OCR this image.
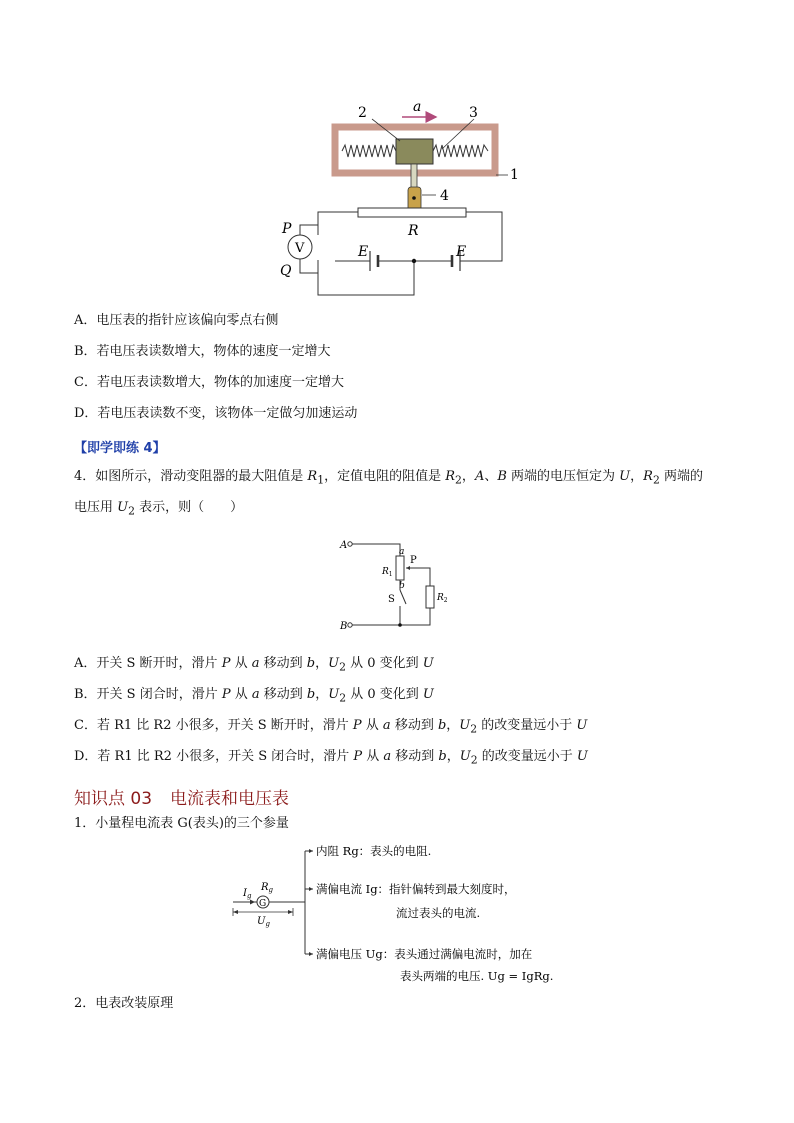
a
2	3
1
4
R
E	E
V
P
Q
A．电压表的指针应该偏向零点右侧
B．若电压表读数增大，物体的速度一定增大
C．若电压表读数增大，物体的加速度一定增大
D．若电压表读数不变，该物体一定做匀加速运动
【即学即练 4】
4．如图所示，滑动变阻器的最大阻值是 $R_1$，定值电阻的阻值是 $R_2$，A、B 两端的电压恒定为 U，$R_2$ 两端的
电压用 $U_2$ 表示，则（　　）
A
a
b
P
$R_1$
$R_2$
S
B
A．开关 S 断开时，滑片 P 从 a 移动到 b，$U_2$ 从 0 变化到 U
B．开关 S 闭合时，滑片 P 从 a 移动到 b，$U_2$ 从 0 变化到 U
C．若 R1 比 R2 小很多，开关 S 断开时，滑片 P 从 a 移动到 b，$U_2$ 的改变量远小于 U
D．若 R1 比 R2 小很多，开关 S 闭合时，滑片 P 从 a 移动到 b，$U_2$ 的改变量远小于 U
知识点 03 电流表和电压表
1．小量程电流表 G(表头)的三个参量
G
$I_g$
$R_g$
$U_g$
内阻 Rg：表头的电阻.
满偏电流 Ig：指针偏转到最大刻度时，
流过表头的电流.
满偏电压 Ug：表头通过满偏电流时，加在
表头两端的电压. Ug = IgRg.
2．电表改装原理
